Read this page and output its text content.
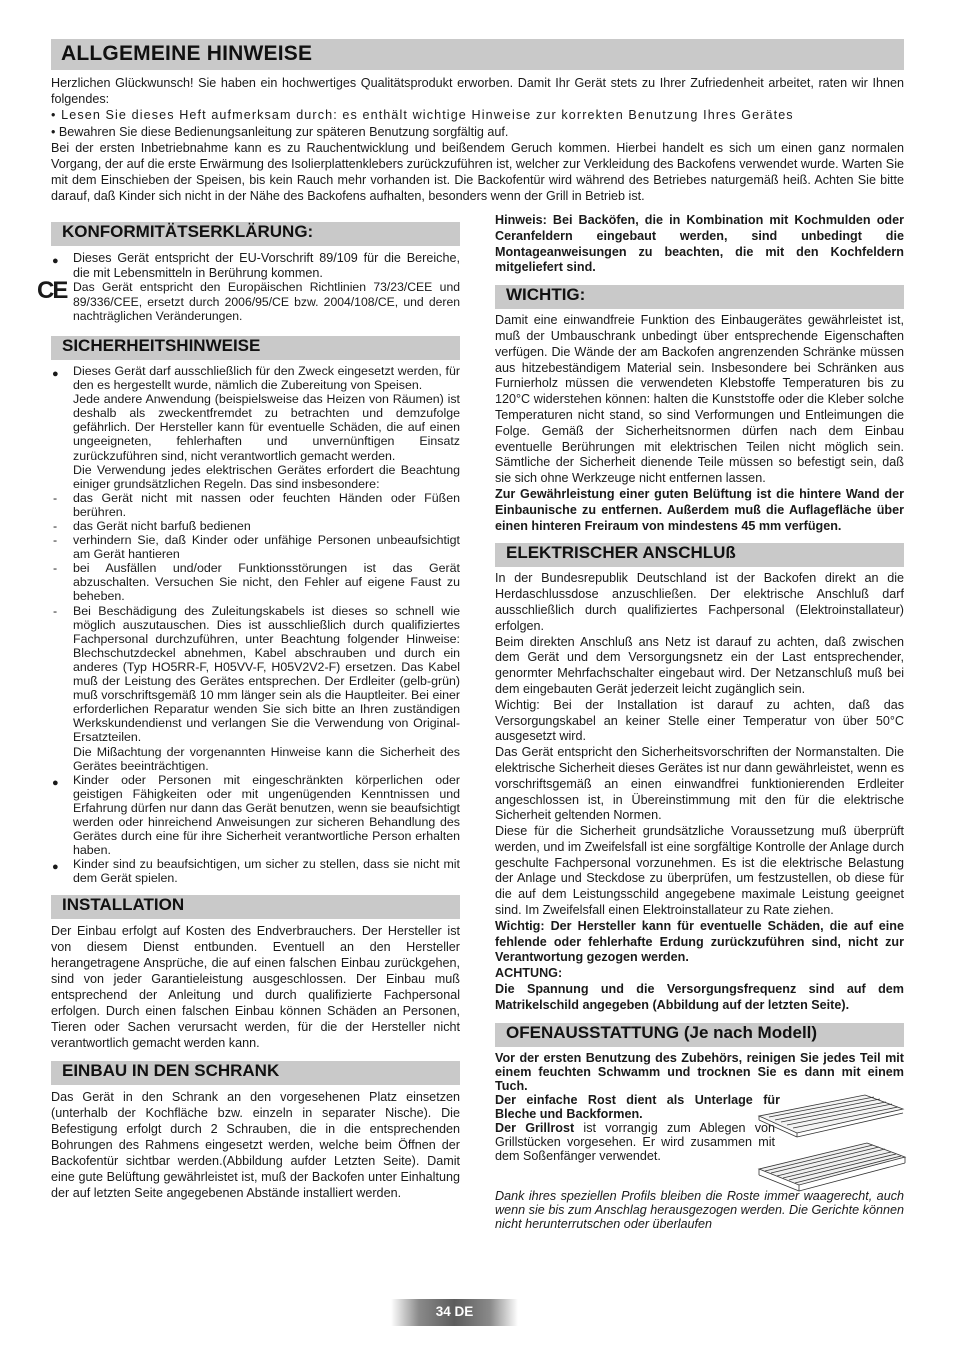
ALLGEMEINE HINWEISE

Herzlichen Glückwunsch! Sie haben ein hochwertiges Qualitätsprodukt erworben. Damit Ihr Gerät stets zu Ihrer Zufriedenheit arbeitet, raten wir Ihnen folgendes:

• Lesen Sie dieses Heft aufmerksam durch: es enthält wichtige Hinweise zur korrekten Benutzung Ihres Gerätes

• Bewahren Sie diese Bedienungsanleitung zur späteren Benutzung sorgfältig auf.

Bei der ersten Inbetriebnahme kann es zu Rauchentwicklung und beißendem Geruch kommen. Hierbei handelt es sich um einen ganz normalen Vorgang, der auf die erste Erwärmung des Isolierplattenklebers zurückzuführen ist, welcher zur Verkleidung des Backofens verwendet wurde. Warten Sie mit dem Einschieben der Speisen, bis kein Rauch mehr vorhanden ist. Die Backofentür wird während des Betriebes naturgemäß heiß. Achten Sie bitte darauf, daß Kinder sich nicht in der Nähe des Backofens aufhalten, besonders wenn der Grill in Betrieb ist.

KONFORMITÄTSERKLÄRUNG:
● Dieses Gerät entspricht der EU-Vorschrift 89/109 für die Bereiche, die mit Lebensmitteln in Berührung kommen.
CE Das Gerät entspricht den Europäischen Richtlinien 73/23/CEE und 89/336/CEE, ersetzt durch 2006/95/CE bzw. 2004/108/CE, und deren nachträglichen Veränderungen.
SICHERHEITSHINWEISE

● Dieses Gerät darf ausschließlich für den Zweck eingesetzt werden, für den es hergestellt wurde, nämlich die Zubereitung von Speisen.

Jede andere Anwendung (beispielsweise das Heizen von Räumen) ist deshalb als zweckentfremdet zu betrachten und demzufolge gefährlich. Der Hersteller kann für eventuelle Schäden, die auf einen ungeeigneten, fehlerhaften und unvernünftigen Einsatz zurückzuführen sind, nicht verantwortlich gemacht werden.

Die Verwendung jedes elektrischen Gerätes erfordert die Beachtung einiger grundsätzlichen Regeln. Das sind insbesondere:

- das Gerät nicht mit nassen oder feuchten Händen oder Füßen berühren.
- das Gerät nicht barfuß bedienen
- verhindern Sie, daß Kinder oder unfähige Personen unbeaufsichtigt am Gerät hantieren
- bei Ausfällen und/oder Funktionsstörungen ist das Gerät abzuschalten. Versuchen Sie nicht, den Fehler auf eigene Faust zu beheben.
- Bei Beschädigung des Zuleitungskabels ist dieses so schnell wie möglich auszutauschen. Dies ist ausschließlich durch qualifiziertes Fachpersonal durchzuführen, unter Beachtung folgender Hinweise: Blechschutzdeckel abnehmen, Kabel abschrauben und durch ein anderes (Typ HO5RR-F, H05VV-F, H05V2V2-F) ersetzen. Das Kabel muß der Leistung des Gerätes entsprechen. Der Erdleiter (gelb-grün) muß vorschriftsgemäß 10 mm länger sein als die Hauptleiter. Bei einer erforderlichen Reparatur wenden Sie sich bitte an Ihren zuständigen Werkskundendienst und verlangen Sie die Verwendung von Original-Ersatzteilen.

Die Mißachtung der vorgenannten Hinweise kann die Sicherheit des Gerätes beeinträchtigen.

● Kinder oder Personen mit eingeschränkten körperlichen oder geistigen Fähigkeiten oder mit ungenügenden Kenntnissen und Erfahrung dürfen nur dann das Gerät benutzen, wenn sie beaufsichtigt werden oder hinreichend Anweisungen zur sicheren Behandlung des Gerätes durch eine für ihre Sicherheit verantwortliche Person erhalten haben.
● Kinder sind zu beaufsichtigen, um sicher zu stellen, dass sie nicht mit dem Gerät spielen.
INSTALLATION

Der Einbau erfolgt auf Kosten des Endverbrauchers. Der Hersteller ist von diesem Dienst entbunden. Eventuell an den Hersteller herangetragene Ansprüche, die auf einen falschen Einbau zurückgehen, sind von jeder Garantieleistung ausgeschlossen. Der Einbau muß entsprechend der Anleitung und durch qualifizierte Fachpersonal erfolgen. Durch einen falschen Einbau können Schäden an Personen, Tieren oder Sachen verursacht werden, für die der Hersteller nicht verantwortlich gemacht werden kann.

EINBAU IN DEN SCHRANK

Das Gerät in den Schrank an den vorgesehenen Platz einsetzen (unterhalb der Kochfläche bzw. einzeln in separater Nische). Die Befestigung erfolgt durch 2 Schrauben, die in die entsprechenden Bohrungen des Rahmens eingesetzt werden, welche beim Öffnen der Backofentür sichtbar werden.(Abbildung aufder Letzten Seite). Damit eine gute Belüftung gewährleistet ist, muß der Backofen unter Einhaltung der auf letzten Seite angegebenen Abstände installiert werden.

Hinweis: Bei Backöfen, die in Kombination mit Kochmulden oder Ceranfeldern eingebaut werden, sind unbedingt die Montageanweisungen zu beachten, die mit den Kochfeldern mitgeliefert sind.

WICHTIG:

Damit eine einwandfreie Funktion des Einbaugerätes gewährleistet ist, muß der Umbauschrank unbedingt über entsprechende Eigenschaften verfügen. Die Wände der am Backofen angrenzenden Schränke müssen aus hitzebeständigem Material sein. Insbesondere bei Schränken aus Furnierholz müssen die verwendeten Klebstoffe Temperaturen bis zu 120°C widerstehen können: halten die Kunststoffe oder die Kleber solche Temperaturen nicht stand, so sind Verformungen und Entleimungen die Folge. Gemäß der Sicherheitsnormen dürfen nach dem Einbau eventuelle Berührungen mit elektrischen Teilen nicht möglich sein. Sämtliche der Sicherheit dienende Teile müssen so befestigt sein, daß sie sich ohne Werkzeuge nicht entfernen lassen.

Zur Gewährleistung einer guten Belüftung ist die hintere Wand der Einbaunische zu entfernen. Außerdem muß die Auflagefläche über einen hinteren Freiraum von mindestens 45 mm verfügen.

ELEKTRISCHER ANSCHLUß

In der Bundesrepublik Deutschland ist der Backofen direkt an die Herdaschlussdose anzuschließen. Der elektrische Anschluß darf ausschließlich durch qualifiziertes Fachpersonal (Elektroinstallateur) erfolgen.

Beim direkten Anschluß ans Netz ist darauf zu achten, daß zwischen dem Gerät und dem Versorgungsnetz ein der Last entsprechender, genormter Mehrfachschalter eingebaut wird. Der Netzanschluß muß bei dem eingebauten Gerät jederzeit leicht zugänglich sein.

Wichtig: Bei der Installation ist darauf zu achten, daß das Versorgungskabel an keiner Stelle einer Temperatur von über 50°C ausgesetzt wird.

Das Gerät entspricht den Sicherheitsvorschriften der Normanstalten. Die elektrische Sicherheit dieses Gerätes ist nur dann gewährleistet, wenn es vorschriftsgemäß an einen einwandfrei funktionierenden Erdleiter angeschlossen ist, in Übereinstimmung mit den für die elektrische Sicherheit geltenden Normen.

Diese für die Sicherheit grundsätzliche Voraussetzung muß überprüft werden, und im Zweifelsfall ist eine sorgfältige Kontrolle der Anlage durch geschulte Fachpersonal vorzunehmen. Es ist die elektrische Belastung der Anlage und Steckdose zu überprüfen, um festzustellen, ob diese für die auf dem Leistungsschild angegebene maximale Leistung geeignet sind. Im Zweifelsfall einen Elektroinstallateur zu Rate ziehen.

Wichtig: Der Hersteller kann für eventuelle Schäden, die auf eine fehlende oder fehlerhafte Erdung zurückzuführen sind, nicht zur Verantwortung gezogen werden.

ACHTUNG:

Die Spannung und die Versorgungsfrequenz sind auf dem Matrikelschild angegeben (Abbildung auf der letzten Seite).

OFENAUSSTATTUNG (Je nach Modell)

Vor der ersten Benutzung des Zubehörs, reinigen Sie jedes Teil mit einem feuchten Schwamm und trocknen Sie es dann mit einem Tuch.

Der einfache Rost dient als Unterlage für Bleche und Backformen.

Der Grillrost ist vorrangig zum Ablegen von Grillstücken vorgesehen. Er wird zusammen mit dem Soßenfänger verwendet.

Dank ihres speziellen Profils bleiben die Roste immer waagerecht, auch wenn sie bis zum Anschlag herausgezogen werden. Die Gerichte können nicht herunterrutschen oder überlaufen

34 DE
